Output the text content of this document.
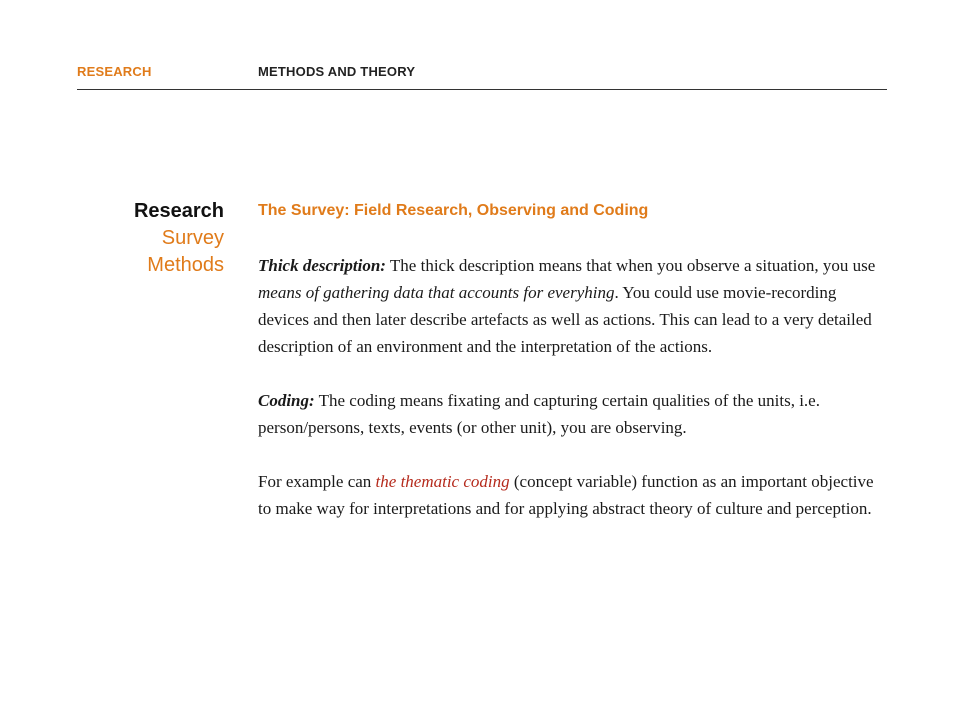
RESEARCH	METHODS AND THEORY
Research
Survey
Methods
The Survey: Field Research, Observing and Coding

Thick description: The thick description means that when you observe a situation, you use means of gathering data that accounts for everyhing. You could use movie-recording devices and then later describe artefacts as well as actions. This can lead to a very detailed description of an environment and the interpretation of the actions.

Coding: The coding means fixating and capturing certain qualities of the units, i.e. person/persons, texts, events (or other unit), you are observing.

For example can the thematic coding (concept variable) function as an important objective to make way for interpretations and for applying abstract theory of culture and perception.
